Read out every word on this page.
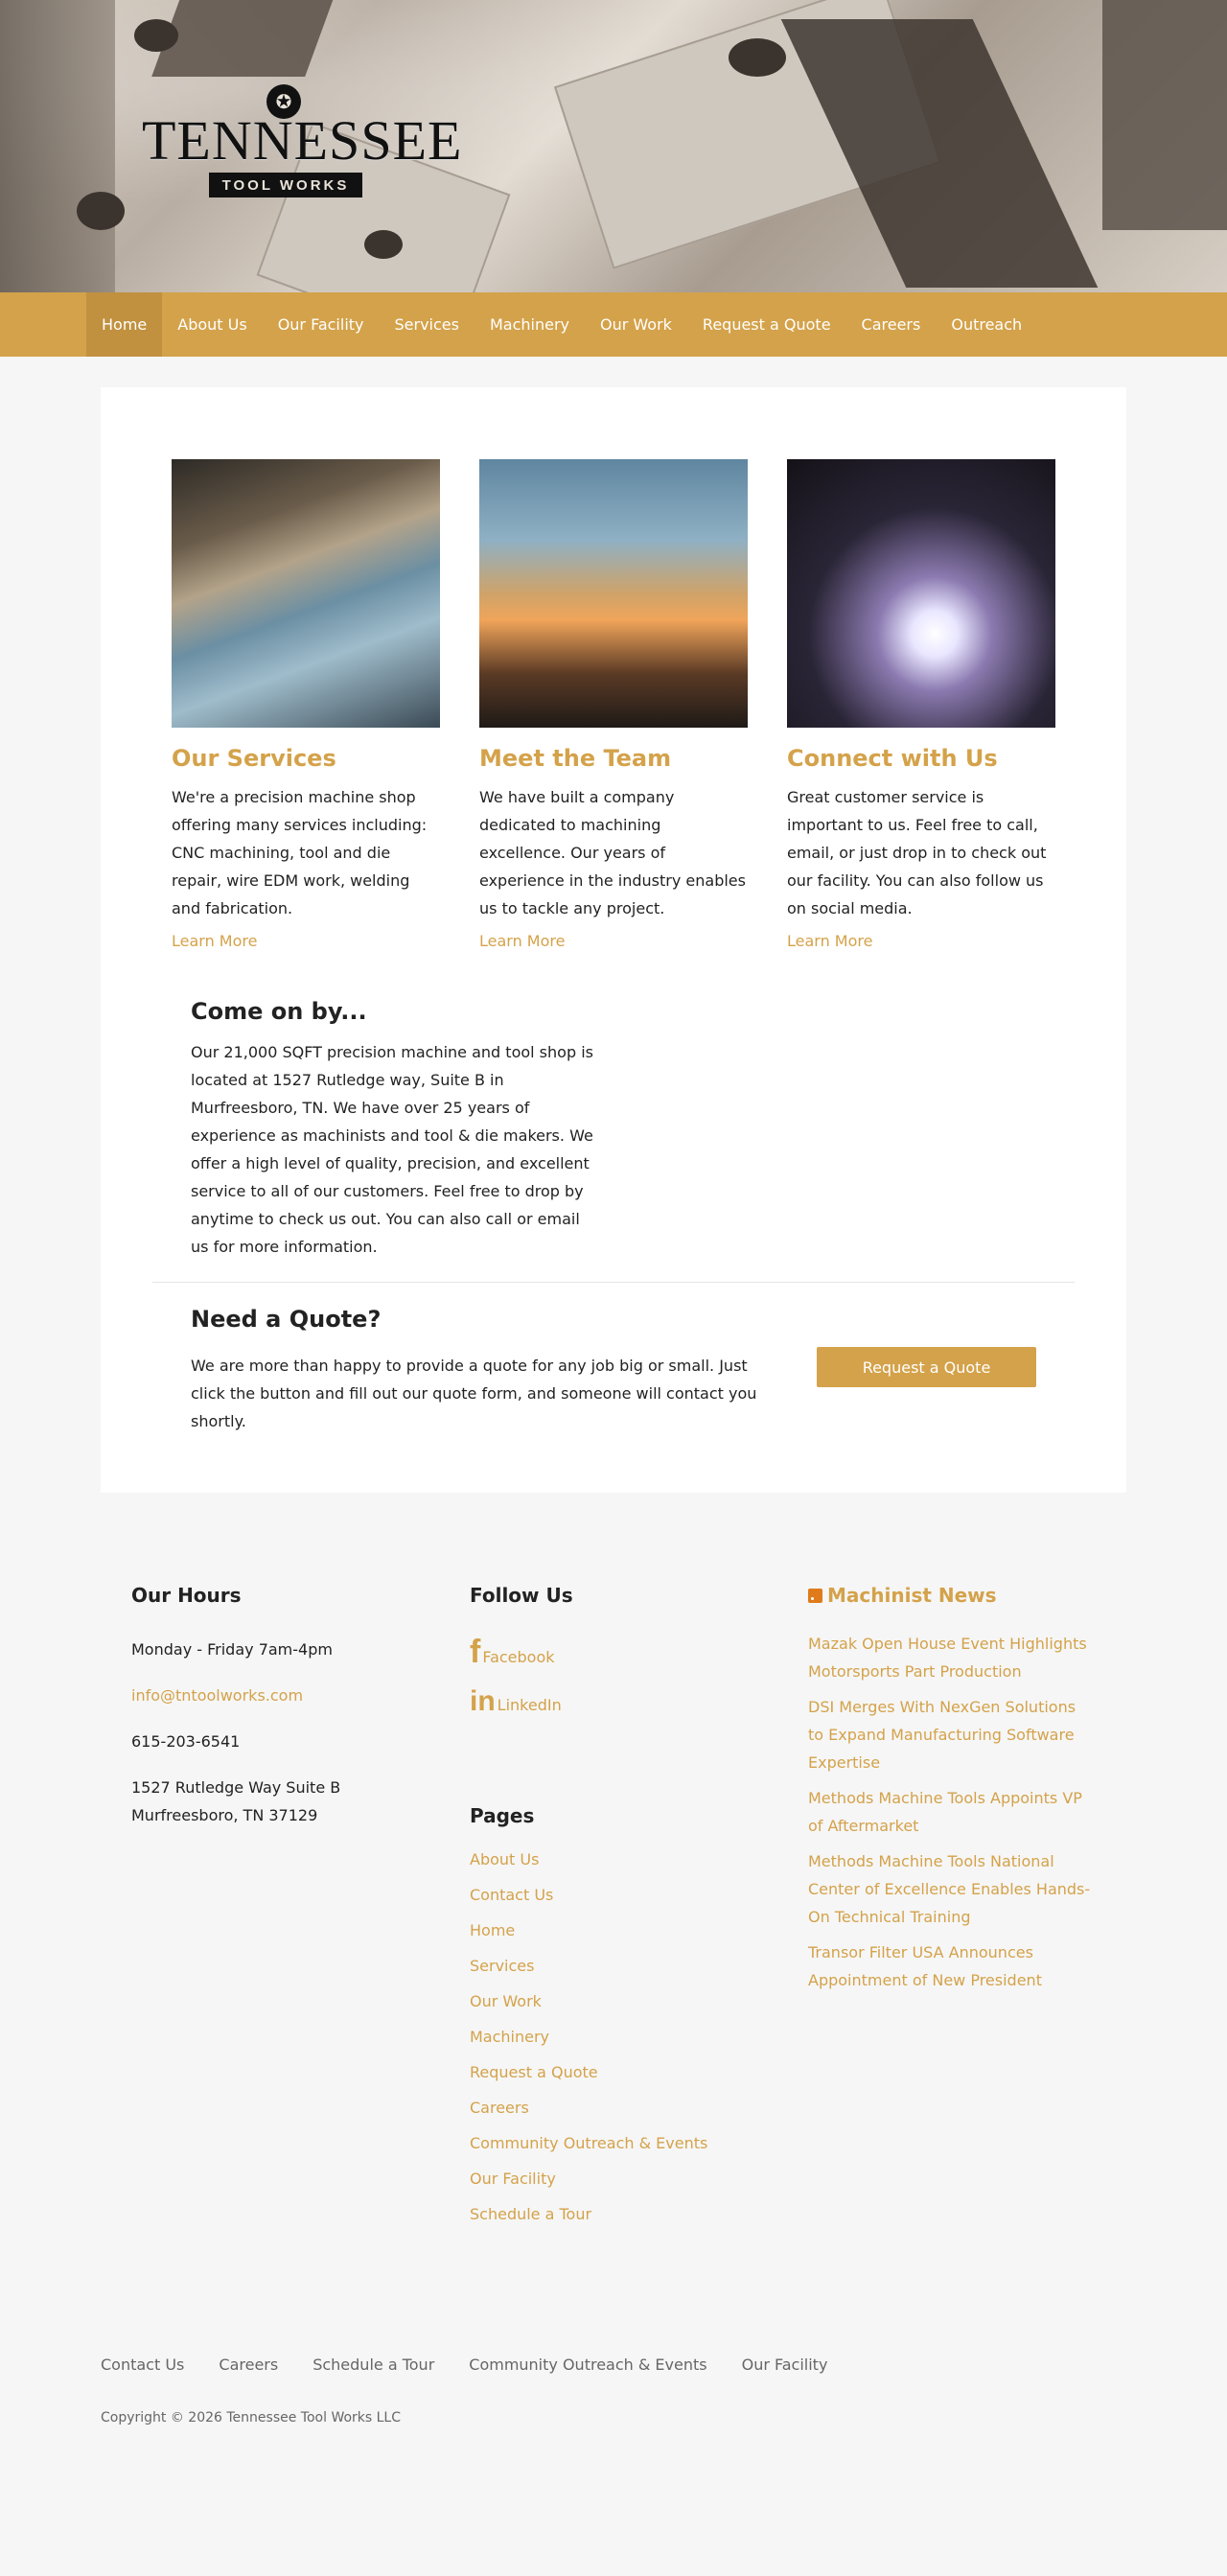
✪
TENNESSEE
TOOL WORKS
Home	About Us	Our Facility	Services	Machinery	Our Work	Request a Quote	Careers	Outreach
Our Services

We're a precision machine shop offering many services including: CNC machining, tool and die repair, wire EDM work, welding and fabrication.

Learn More
Meet the Team

We have built a company dedicated to machining excellence. Our years of experience in the industry enables us to tackle any project.

Learn More
Connect with Us

Great customer service is important to us. Feel free to call, email, or just drop in to check out our facility. You can also follow us on social media.

Learn More
Come on by...

Our 21,000 SQFT precision machine and tool shop is located at 1527 Rutledge way, Suite B in Murfreesboro, TN. We have over 25 years of experience as machinists and tool & die makers. We offer a high level of quality, precision, and excellent service to all of our customers. Feel free to drop by anytime to check us out. You can also call or email us for more information.

Need a Quote?

We are more than happy to provide a quote for any job big or small. Just click the button and fill out our quote form, and someone will contact you shortly.

Request a Quote
Our Hours
Monday - Friday 7am-4pm
info@tntoolworks.com
615-203-6541
1527 Rutledge Way Suite B
Murfreesboro, TN 37129
Follow Us
f Facebook
in LinkedIn
Pages
About Us
Contact Us
Home
Services
Our Work
Machinery
Request a Quote
Careers
Community Outreach & Events
Our Facility
Schedule a Tour
Machinist News
Mazak Open House Event Highlights Motorsports Part Production
DSI Merges With NexGen Solutions to Expand Manufacturing Software Expertise
Methods Machine Tools Appoints VP of Aftermarket
Methods Machine Tools National Center of Excellence Enables Hands-On Technical Training
Transor Filter USA Announces Appointment of New President
Contact Us Careers Schedule a Tour Community Outreach & Events Our Facility
Copyright © 2026 Tennessee Tool Works LLC
